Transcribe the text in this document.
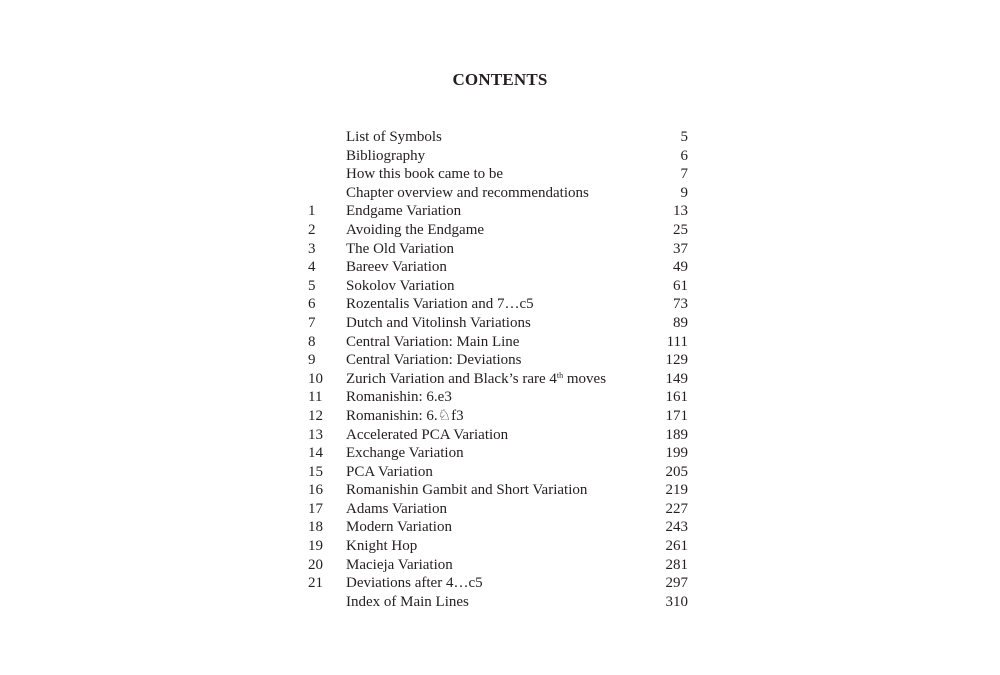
CONTENTS
List of Symbols	5
Bibliography	6
How this book came to be	7
Chapter overview and recommendations	9
1	Endgame Variation	13
2	Avoiding the Endgame	25
3	The Old Variation	37
4	Bareev Variation	49
5	Sokolov Variation	61
6	Rozentalis Variation and 7…c5	73
7	Dutch and Vitolinsh Variations	89
8	Central Variation: Main Line	111
9	Central Variation: Deviations	129
10	Zurich Variation and Black’s rare 4th moves	149
11	Romanishin: 6.e3	161
12	Romanishin: 6.♘f3	171
13	Accelerated PCA Variation	189
14	Exchange Variation	199
15	PCA Variation	205
16	Romanishin Gambit and Short Variation	219
17	Adams Variation	227
18	Modern Variation	243
19	Knight Hop	261
20	Macieja Variation	281
21	Deviations after 4…c5	297
Index of Main Lines	310
